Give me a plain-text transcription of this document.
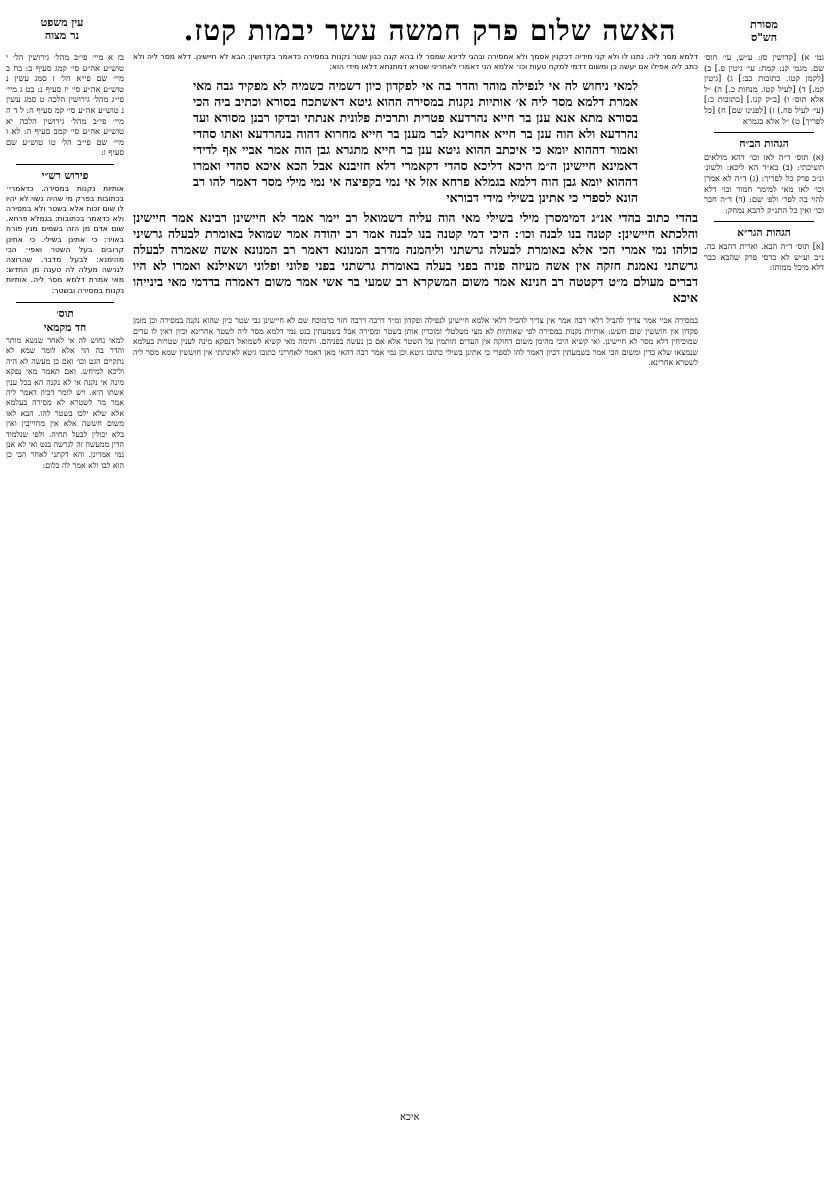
מסורת
הש"ס
האשה שלום פרק חמשה עשר יבמות קטז.
עין משפט
נר מצוה
גמ׳ א) [קדושין סז: ע״ש, עי׳ חוס׳ שם. מגמ׳ קנ: קמת: עי׳ גיטין פ.] ב) [לקמן קטו. כתובות כב:] ג) [גיטין קמ.] ד) [לעיל קטו. מנחות כ.] ה) ״ל אלא תוס׳ ו) [ב״ק קנו.] [כתובות כ:] (עי׳ לעיל פח.) ז) [לפנינו שם] ח) [כל לפריך] ט) ״ל אלא בגמרא
הגהות הב״ח
(א) תוס׳ ד״ה לאו וכו׳ דהא מולאים תשיכתי: (ב) בא״ד הא ליכא: ולשונ׳ ונ״ב פרק כל לפריך: (ג) ד״ה לא אמרן וכו׳ לאו מאי למימר חמור וכו׳ דלא להוי בה לפר׳ ולפ׳ שם: (ד) ד״ה חבר וכו׳ ואין כל התנ״ק להבא נמחק:
הגהות הגר״א
[א] תוס׳ ד״ה הבא. וארית דהבא בה. נ״ב וע״ש לא כדסי פרק שהבא כבר דלא מיכל ממותו:
בז א מיי׳ פי״ב מהל׳ גירושין הל׳ י טוש״ע אה״ע סי׳ קמג סעיף ב: בח ב מיי׳ שם פי״א הל׳ ז סמג עשין נ טוש״ע אה״ע סי׳ יז סעיף נ: בט ג מיי׳ פי״ג מהל׳ גירושין הלכה ט סמג עשין נ טוש״ע אה״ע סי׳ קמ סעיף ה: ל ד ה מיי׳ פי״ב מהל׳ גירושין הלכה יא טוש״ע אה״ע סי׳ קמב סעיף ה: לא ו מיי׳ שם פי״ב הל׳ טו טוש״ע שם סעיף ו:
פירוש רש״י
אותיות נקנות במסירה. כדאמרי׳ בכתובות בפרק מי שהיה נשוי לא יהיו לו שום זכות אלא בשטר ולא במסירה ולא כדאמר בכתובות: בגמלא פרחא. שום אדם מן הזה בשמים מנין פורח באויר: כי אתינן בשילי. כי אתינן קרובים בעל השטר ואפי׳ הכי מהימנא: לבעל מדבר. שהרוצה לגרשה מעלה לה טענה מן החדש: מאי אמרת דלמא מסר ליה. אותיות נקנות במסירה ובשטר:
תוס׳
חד מקמאי
למאי נחוש לה אי לאחר שנשא מותר והדר בה הוי אלא לומר שמא לא נתקיים הגט וכו׳ ואם כן מעשה לא היה וליכא למיחש. ואם תאמר מאי נפקא מינה אי נקנה אי לא נקנה הא בכל ענין אשתו היא. ויש לומר דכיון דאמר ליה אמר מר לשטרא לא מסירה בעלמא אלא שלא ילכו בשטר להו. הבא לאו משום חששה אלא אין מחוייבין ואין בלא יכולין לבעל תחיה. ולפי שנלמוד הדין ממעשה זה לגרשה בגט ואי לא אנן נמי אמרינן. והא דקתני לאחר הכי כן הוא לבו ולא אמר לה כלום:
דלמא מסר ליה. נתנו לו ולא קני מידיה דכקנין אסמך ולא אמסירה ובהגי לדינא שמסר לו בהא קנה כגון שטר נקנות במסירה כדאמר בקדושין: הבא לא חיישינן. דלא מסר ליה ולא כתב ליה אפילו אם יעשה כן ומשום דדמי למקח טעות וכו׳ אלמא הני דאמרי לאחריני שטרא דמתנתא דלאו מידי הוא:
למאי ניחוש לה אי לנפילה מוהר והדר בה אי לפקדון כיון דשמיה כשמיה לא מפקיד גבה מאי אמרת דלמא מסר ליה א׳ אותיות נקנות במסירה ההוא גיטא דאשתכח בסורא וכתיב ביה הכי בסורא מתא אנא ענן בר חייא נהרדעא פטרית ותרכית פלונית אנתתי ובדקו רבנן מסורא ועד נהרדעא ולא הוה ענן בר חייא אחרינא לבר מענן בר חייא מחרוא דהוה בנהרדעא ואתו סהדי ואמור דההוא יומא כי איכתב ההוא גיטא ענן בר חייא מתגרא גבן הוה אמר אביי אף לדידי דאמינא חיישינן ה״מ היכא דליכא סהדי דקאמרי דלא חזיבנא אבל הכא איכא סהדי ואמרו דההוא יומא גבן הוה דלמא בגמלא פרחא אזל אי נמי בקפיצה אי נמי מילי מסר דאמר להו רב הונא לספרי כי אתינן בשילי מידי דבוראי
בהדי כתוב בהדי אנ״ג דמימסרן מילי בשילי מאי הוה עליה דשמואל רב יימר אמר לא חיישינן רבינא אמר חיישינן והלכתא חיישינן: קטנה בנו לבנה וכו׳: היכי דמי קטנה בנו לבנה אמר רב יהודה אמר שמואל באומרת לבעלה גרשיני כולהו נמי אמרי הכי אלא באומרת לבעלה גרשתני וליהמנה מדרב המנונא דאמר רב המנונא אשה שאמרה לבעלה גרשתני נאמנת חזקה אין אשה מעיזה פניה בפני בעלה באומרת גרשתני בפני פלוני ופלוני ושאילנא ואמרו לא היו דברים מעולם מ״ט דקטטה רב חנינא אמר משום המשקרא רב שמעי בר אשי אמר משום דאמרה בדדמי מאי בינייהו איכא
במסירה אביי אמר צריך להביל רלאי רבה אמר אין צריך להביל רלאי אלמא חיישינן לנפילה ופקדון ומ״ד דרבה דרבה חזר כדמוכח שם לא חיישינן גבי שטר כיון שהוא נקנה במסירה וכן מזמן פקדון אין חוששין שום חשש: אותיות נקנות במסירה לפי שאותיות לא מצי מטלטלי ומוכרין אותן בשטר ומסירה אבל בשמעתין בגט נמי דלמא מסר ליה לשטר אחרינא וכיון דאין לו עדים שמוכיחין דלא מסר לא חיישינן. ואי קשיא היכי מהימן משום דחוקה אין העדים חותמין על השטר אלא אם כן נעשה בפניהם. ותימה מאי קשיא לשמואל דנפקא מינה לענין שטרות בעלמא שנמצאו שלא כדין ומשום הכי אמר בשמעתין דכיון דאמר להו לספרי כי אתינן בשילי כתובו גיטא וכן נמי אמר רבה דהאי מאן דאמר לאחריני כתובו גיטא לאינתתי אין חוששין שמא מסר ליה לשטרא אחרינא.
איכא
